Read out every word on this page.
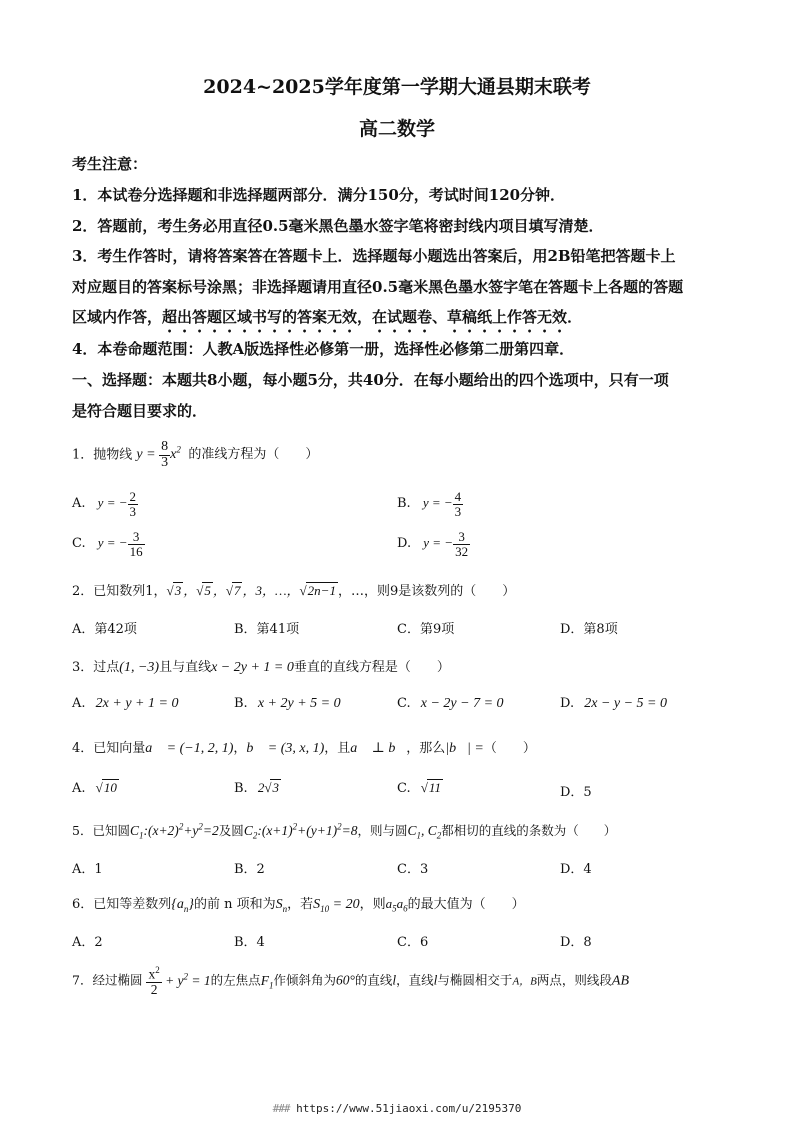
2024~2025学年度第一学期大通县期末联考
高二数学
考生注意：
1．本试卷分选择题和非选择题两部分．满分150分，考试时间120分钟．
2．答题前，考生务必用直径0.5毫米黑色墨水签字笔将密封线内项目填写清楚．
3．考生作答时，请将答案答在答题卡上．选择题每小题选出答案后，用2B铅笔把答题卡上
对应题目的答案标号涂黑；非选择题请用直径0.5毫米黑色墨水签字笔在答题卡上各题的答题
区域内作答，超出答题区域书写的答案无效，在试题卷、草稿纸上作答无效．
4．本卷命题范围：人教A版选择性必修第一册，选择性必修第二册第四章．
一、选择题：本题共8小题，每小题5分，共40分．在每小题给出的四个选项中，只有一项
是符合题目要求的．
1．抛物线 $y = \frac{8}{3} x^2$ 的准线方程为（　　）
A. y = − $\frac{2}{3}$	B. y = − $\frac{4}{3}$
C. y = − $\frac{3}{16}$	D. y = − $\frac{3}{32}$
2．已知数列1，√3 ，√5 ，√7 ，3，…，√2n−1 ，…，则9是该数列的（　　）
A．第42项	B．第41项	C．第9项	D．第8项
3．过点(1, −3)且与直线x − 2y + 1 = 0垂直的直线方程是（　　）
A. 2x + y + 1 = 0	B. x + 2y + 5 = 0	C. x − 2y − 7 = 0	D. 2x − y − 5 = 0
4．已知向量a⃗ = (−1, 2, 1)，b⃗ = (3, x, 1)，且a⃗ ⊥ b⃗，那么|b⃗| =（　　）
A. √10	B. 2√3	C. √11	D．5
5．已知圆$C_1:(x+2)^2+y^2=2$及圆$C_2:(x+1)^2+(y+1)^2=8$，则与圆$C_1$, $C_2$都相切的直线的条数为（　　）
A．1	B．2	C．3	D．4
6．已知等差数列$\{a_n\}$的前 n 项和为$S_n$，若$S_{10} = 20$，则$a_5a_6$的最大值为（　　）
A．2	B．4	C．6	D．8
7．经过椭圆 $\frac{x^2}{2} + y^2 = 1$的左焦点$F_1$作倾斜角为60°的直线l，直线l与椭圆相交于A，B两点，则线段AB
### https://www.51jiaoxi.com/u/2195370
